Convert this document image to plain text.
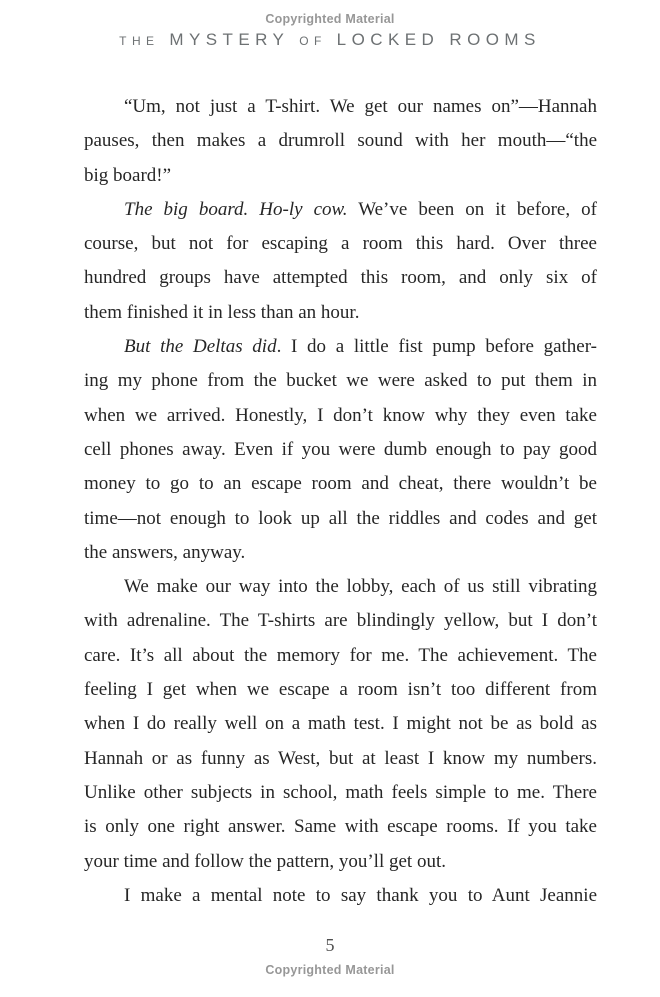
Copyrighted Material
THE MYSTERY OF LOCKED ROOMS
“Um, not just a T-shirt. We get our names on”—Hannah
pauses, then makes a drumroll sound with her mouth—“the
big board!”
The big board. Ho-ly cow. We’ve been on it before, of
course, but not for escaping a room this hard. Over three
hundred groups have attempted this room, and only six of
them finished it in less than an hour.
But the Deltas did. I do a little fist pump before gather-
ing my phone from the bucket we were asked to put them in
when we arrived. Honestly, I don’t know why they even take
cell phones away. Even if you were dumb enough to pay good
money to go to an escape room and cheat, there wouldn’t be
time—not enough to look up all the riddles and codes and get
the answers, anyway.
We make our way into the lobby, each of us still vibrating
with adrenaline. The T-shirts are blindingly yellow, but I don’t
care. It’s all about the memory for me. The achievement. The
feeling I get when we escape a room isn’t too different from
when I do really well on a math test. I might not be as bold as
Hannah or as funny as West, but at least I know my numbers.
Unlike other subjects in school, math feels simple to me. There
is only one right answer. Same with escape rooms. If you take
your time and follow the pattern, you’ll get out.
I make a mental note to say thank you to Aunt Jeannie
5
Copyrighted Material
